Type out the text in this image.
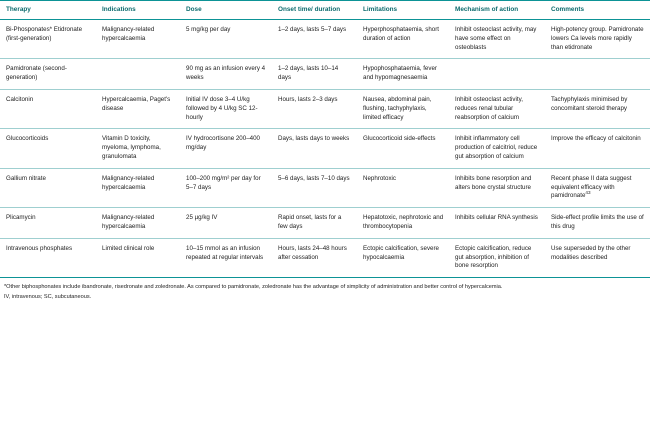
Therapy	Indications	Dose	Onset time/ duration	Limitations	Mechanism of action	Comments
Bi-Phosponates* Etidronate (first-generation)	Malignancy-related hypercalcaemia	5 mg/kg per day	1–2 days, lasts 5–7 days	Hyperphosphataemia, short duration of action	Inhibit osteoclast activity, may have some effect on osteoblasts	High-potency group. Pamidronate lowers Ca levels more rapidly than etidronate
Pamidronate (second-generation)		90 mg as an infusion every 4 weeks	1–2 days, lasts 10–14 days	Hypophosphataemia, fever and hypomagnesaemia		
Calcitonin	Hypercalcaemia, Paget's disease	Initial IV dose 3–4 U/kg followed by 4 U/kg SC 12-hourly	Hours, lasts 2–3 days	Nausea, abdominal pain, flushing, tachyphylaxis, limited efficacy	Inhibit osteoclast activity, reduces renal tubular reabsorption of calcium	Tachyphylaxis minimised by concomitant steroid therapy
Glucocorticoids	Vitamin D toxicity, myeloma, lymphoma, granulomata	IV hydrocortisone 200–400 mg/day	Days, lasts days to weeks	Glucocorticoid side-effects	Inhibit inflammatory cell production of calcitriol, reduce gut absorption of calcium	Improve the efficacy of calcitonin
Gallium nitrate	Malignancy-related hypercalcaemia	100–200 mg/m² per day for 5–7 days	5–6 days, lasts 7–10 days	Nephrotoxic	Inhibits bone resorption and alters bone crystal structure	Recent phase II data suggest equivalent efficacy with pamidronate$^{43}$
Plicamycin	Malignancy-related hypercalcaemia	25 µg/kg IV	Rapid onset, lasts for a few days	Hepatotoxic, nephrotoxic and thrombocytopenia	Inhibits cellular RNA synthesis	Side-effect profile limits the use of this drug
Intravenous phosphates	Limited clinical role	10–15 mmol as an infusion repeated at regular intervals	Hours, lasts 24–48 hours after cessation	Ectopic calcification, severe hypocalcaemia	Ectopic calcification, reduce gut absorption, inhibition of bone resorption	Use superseded by the other modalities described

*Other biphosphonates include ibandronate, risedronate and zoledronate. As compared to pamidronate, zoledronate has the advantage of simplicity of administration and better control of hypercalcemia.

IV, intravenous; SC, subcutaneous.
